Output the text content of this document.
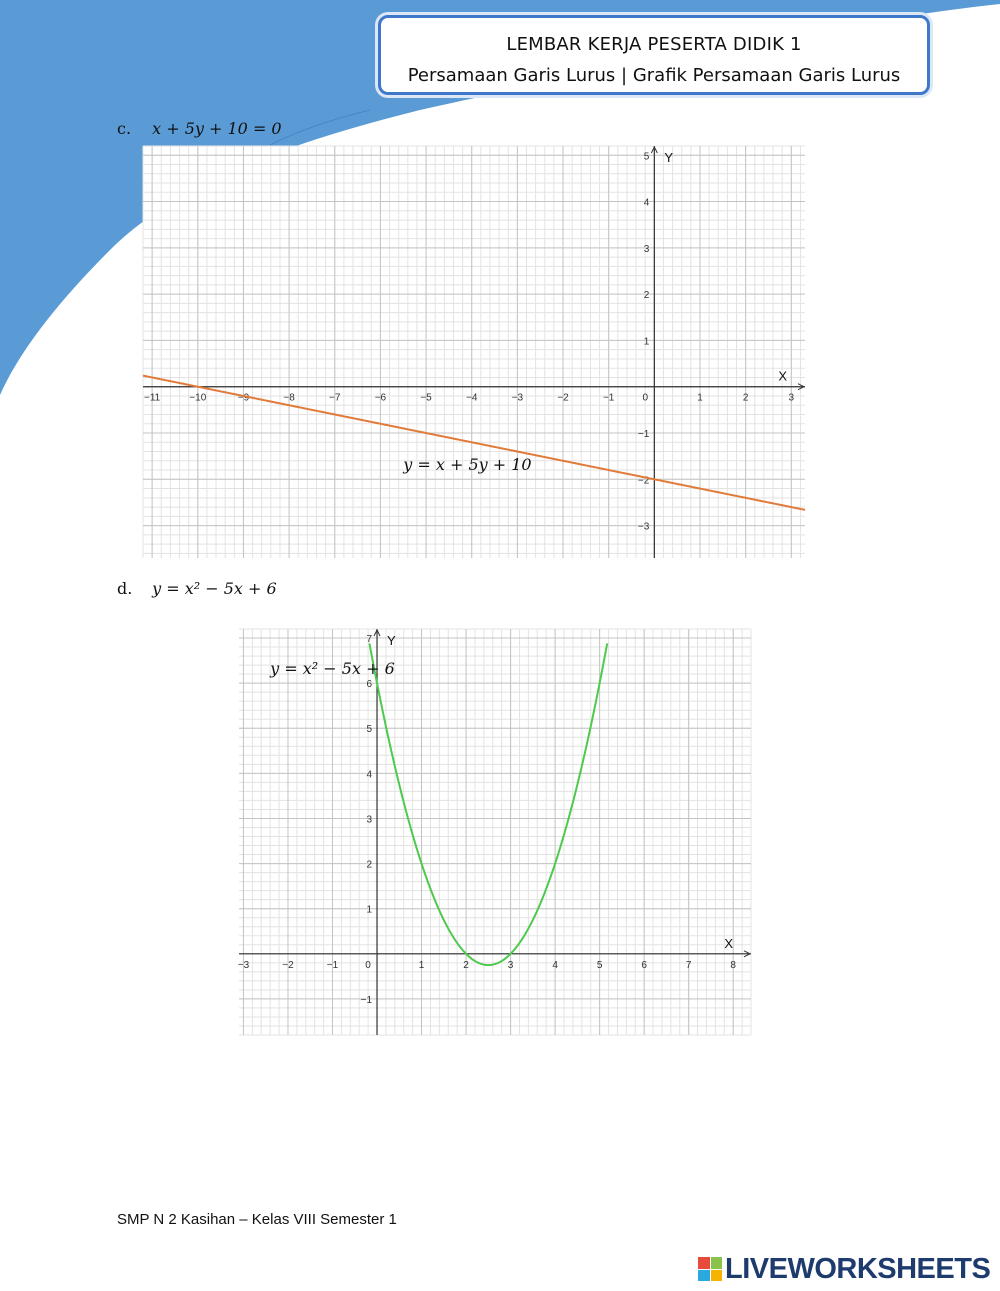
LEMBAR KERJA PESERTA DIDIK 1
Persamaan Garis Lurus | Grafik Persamaan Garis Lurus
c. x + 5y + 10 = 0
−11	−10	−9	−8	−7	−6	−5	−4	−3	−2	−1	0	1	2	3
−3
−2
−1
1
2
3
4
5
X
Y
y = x + 5y + 10
d. y = x² − 5x + 6
−3	−2	−1	0	1	2	3	4	5	6	7	8
−1
1
2
3
4
5
6
7
X
Y
y = x² − 5x + 6
SMP N 2 Kasihan – Kelas VIII Semester 1
LIVEWORKSHEETS
